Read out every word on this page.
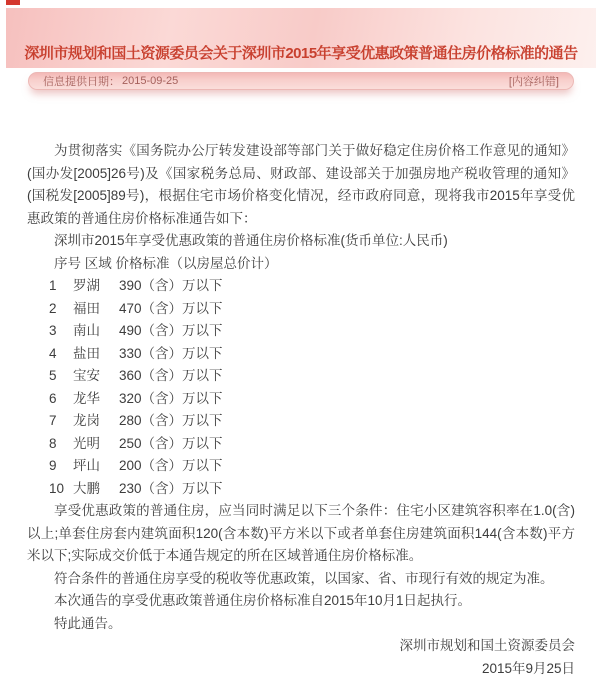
深圳市规划和国土资源委员会关于深圳市2015年享受优惠政策普通住房价格标准的通告
信息提供日期： 2015-09-25	[内容纠错]

为贯彻落实《国务院办公厅转发建设部等部门关于做好稳定住房价格工作意见的通知》(国办发[2005]26号)及《国家税务总局、财政部、建设部关于加强房地产税收管理的通知》(国税发[2005]89号)，根据住宅市场价格变化情况，经市政府同意，现将我市2015年享受优惠政策的普通住房价格标准通告如下：

深圳市2015年享受优惠政策的普通住房价格标准(货币单位:人民币)

序号 区域 价格标准（以房屋总价计）

1	罗湖	390（含）万以下
2	福田	470（含）万以下
3	南山	490（含）万以下
4	盐田	330（含）万以下
5	宝安	360（含）万以下
6	龙华	320（含）万以下
7	龙岗	280（含）万以下
8	光明	250（含）万以下
9	坪山	200（含）万以下
10 大鹏	230（含）万以下

享受优惠政策的普通住房，应当同时满足以下三个条件：住宅小区建筑容积率在1.0(含)以上;单套住房套内建筑面积120(含本数)平方米以下或者单套住房建筑面积144(含本数)平方米以下;实际成交价低于本通告规定的所在区域普通住房价格标准。

符合条件的普通住房享受的税收等优惠政策，以国家、省、市现行有效的规定为准。

本次通告的享受优惠政策普通住房价格标准自2015年10月1日起执行。

特此通告。

深圳市规划和国土资源委员会

2015年9月25日
